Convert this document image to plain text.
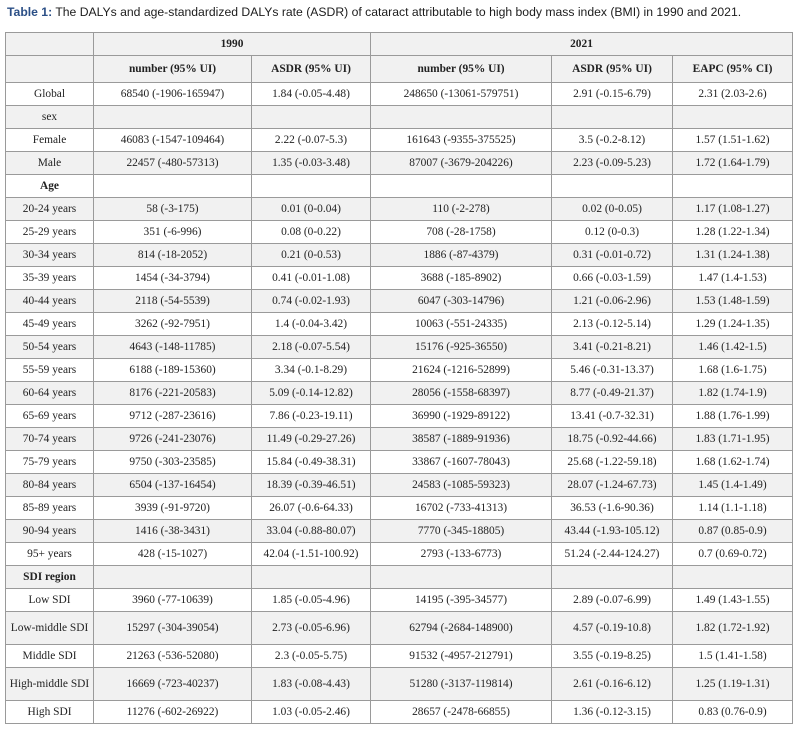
Table 1: The DALYs and age-standardized DALYs rate (ASDR) of cataract attributable to high body mass index (BMI) in 1990 and 2021.
	1990		2021		
	number (95% UI)	ASDR (95% UI)	number (95% UI)	ASDR (95% UI)	EAPC (95% CI)
Global	68540 (-1906-165947)	1.84 (-0.05-4.48)	248650 (-13061-579751)	2.91 (-0.15-6.79)	2.31 (2.03-2.6)
sex					
Female	46083 (-1547-109464)	2.22 (-0.07-5.3)	161643 (-9355-375525)	3.5 (-0.2-8.12)	1.57 (1.51-1.62)
Male	22457 (-480-57313)	1.35 (-0.03-3.48)	87007 (-3679-204226)	2.23 (-0.09-5.23)	1.72 (1.64-1.79)
Age					
20-24 years	58 (-3-175)	0.01 (0-0.04)	110 (-2-278)	0.02 (0-0.05)	1.17 (1.08-1.27)
25-29 years	351 (-6-996)	0.08 (0-0.22)	708 (-28-1758)	0.12 (0-0.3)	1.28 (1.22-1.34)
30-34 years	814 (-18-2052)	0.21 (0-0.53)	1886 (-87-4379)	0.31 (-0.01-0.72)	1.31 (1.24-1.38)
35-39 years	1454 (-34-3794)	0.41 (-0.01-1.08)	3688 (-185-8902)	0.66 (-0.03-1.59)	1.47 (1.4-1.53)
40-44 years	2118 (-54-5539)	0.74 (-0.02-1.93)	6047 (-303-14796)	1.21 (-0.06-2.96)	1.53 (1.48-1.59)
45-49 years	3262 (-92-7951)	1.4 (-0.04-3.42)	10063 (-551-24335)	2.13 (-0.12-5.14)	1.29 (1.24-1.35)
50-54 years	4643 (-148-11785)	2.18 (-0.07-5.54)	15176 (-925-36550)	3.41 (-0.21-8.21)	1.46 (1.42-1.5)
55-59 years	6188 (-189-15360)	3.34 (-0.1-8.29)	21624 (-1216-52899)	5.46 (-0.31-13.37)	1.68 (1.6-1.75)
60-64 years	8176 (-221-20583)	5.09 (-0.14-12.82)	28056 (-1558-68397)	8.77 (-0.49-21.37)	1.82 (1.74-1.9)
65-69 years	9712 (-287-23616)	7.86 (-0.23-19.11)	36990 (-1929-89122)	13.41 (-0.7-32.31)	1.88 (1.76-1.99)
70-74 years	9726 (-241-23076)	11.49 (-0.29-27.26)	38587 (-1889-91936)	18.75 (-0.92-44.66)	1.83 (1.71-1.95)
75-79 years	9750 (-303-23585)	15.84 (-0.49-38.31)	33867 (-1607-78043)	25.68 (-1.22-59.18)	1.68 (1.62-1.74)
80-84 years	6504 (-137-16454)	18.39 (-0.39-46.51)	24583 (-1085-59323)	28.07 (-1.24-67.73)	1.45 (1.4-1.49)
85-89 years	3939 (-91-9720)	26.07 (-0.6-64.33)	16702 (-733-41313)	36.53 (-1.6-90.36)	1.14 (1.1-1.18)
90-94 years	1416 (-38-3431)	33.04 (-0.88-80.07)	7770 (-345-18805)	43.44 (-1.93-105.12)	0.87 (0.85-0.9)
95+ years	428 (-15-1027)	42.04 (-1.51-100.92)	2793 (-133-6773)	51.24 (-2.44-124.27)	0.7 (0.69-0.72)
SDI region					
Low SDI	3960 (-77-10639)	1.85 (-0.05-4.96)	14195 (-395-34577)	2.89 (-0.07-6.99)	1.49 (1.43-1.55)
Low-middle SDI	15297 (-304-39054)	2.73 (-0.05-6.96)	62794 (-2684-148900)	4.57 (-0.19-10.8)	1.82 (1.72-1.92)
Middle SDI	21263 (-536-52080)	2.3 (-0.05-5.75)	91532 (-4957-212791)	3.55 (-0.19-8.25)	1.5 (1.41-1.58)
High-middle SDI	16669 (-723-40237)	1.83 (-0.08-4.43)	51280 (-3137-119814)	2.61 (-0.16-6.12)	1.25 (1.19-1.31)
High SDI	11276 (-602-26922)	1.03 (-0.05-2.46)	28657 (-2478-66855)	1.36 (-0.12-3.15)	0.83 (0.76-0.9)
